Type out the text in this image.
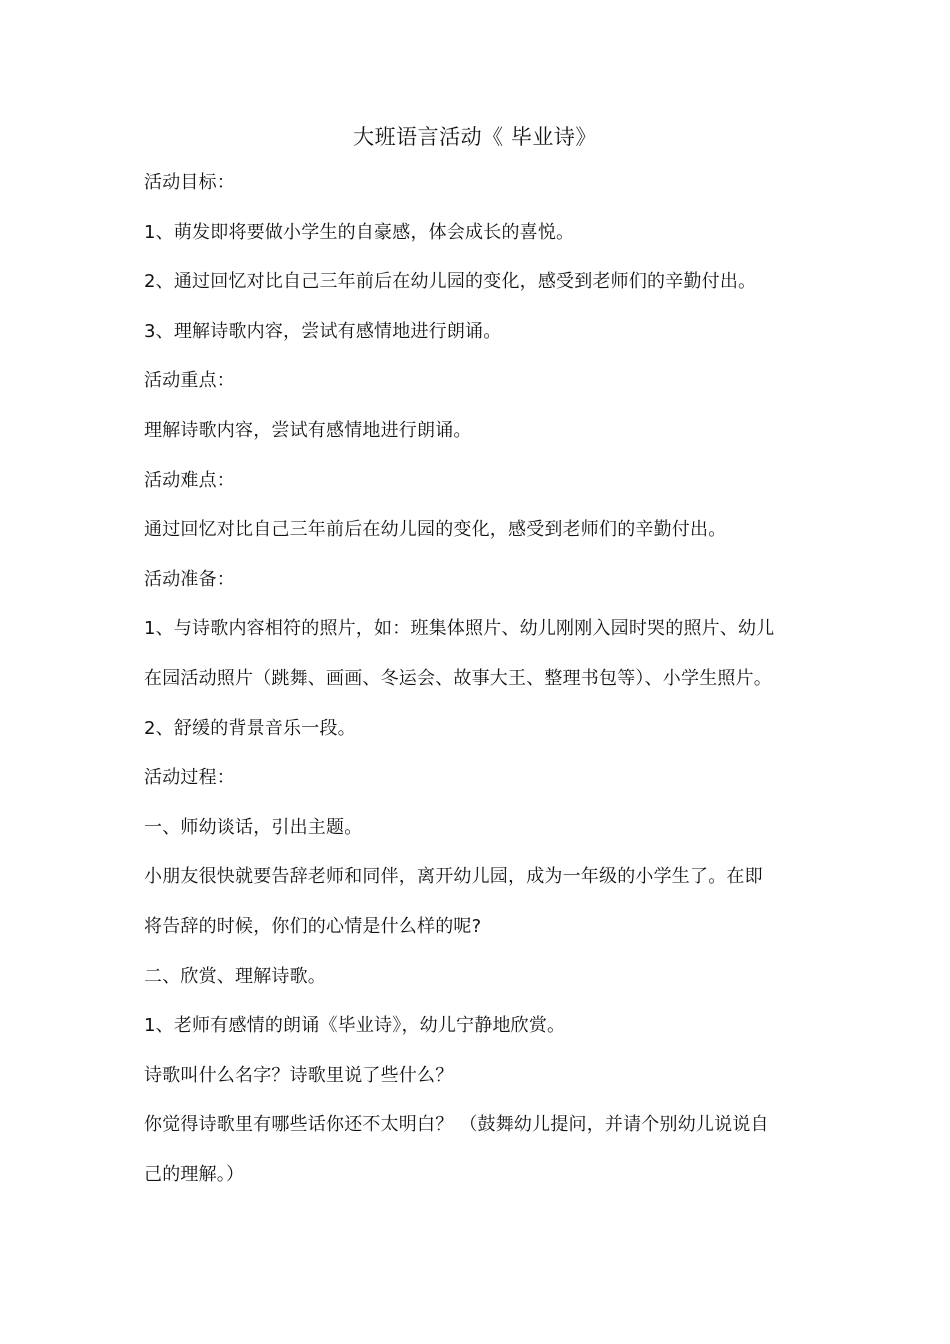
大班语言活动《 毕业诗》
活动目标：
1、萌发即将要做小学生的自豪感，体会成长的喜悦。
2、通过回忆对比自己三年前后在幼儿园的变化，感受到老师们的辛勤付出。
3、理解诗歌内容，尝试有感情地进行朗诵。
活动重点：
理解诗歌内容，尝试有感情地进行朗诵。
活动难点：
通过回忆对比自己三年前后在幼儿园的变化，感受到老师们的辛勤付出。
活动准备：
1、与诗歌内容相符的照片，如：班集体照片、幼儿刚刚入园时哭的照片、幼儿
在园活动照片（跳舞、画画、冬运会、故事大王、整理书包等）、小学生照片。
2、舒缓的背景音乐一段。
活动过程：
一、师幼谈话，引出主题。
小朋友很快就要告辞老师和同伴，离开幼儿园，成为一年级的小学生了。在即
将告辞的时候，你们的心情是什么样的呢?
二、欣赏、理解诗歌。
1、老师有感情的朗诵《毕业诗》，幼儿宁静地欣赏。
诗歌叫什么名字？诗歌里说了些什么？
你觉得诗歌里有哪些话你还不太明白？ （鼓舞幼儿提问，并请个别幼儿说说自
己的理解。）
